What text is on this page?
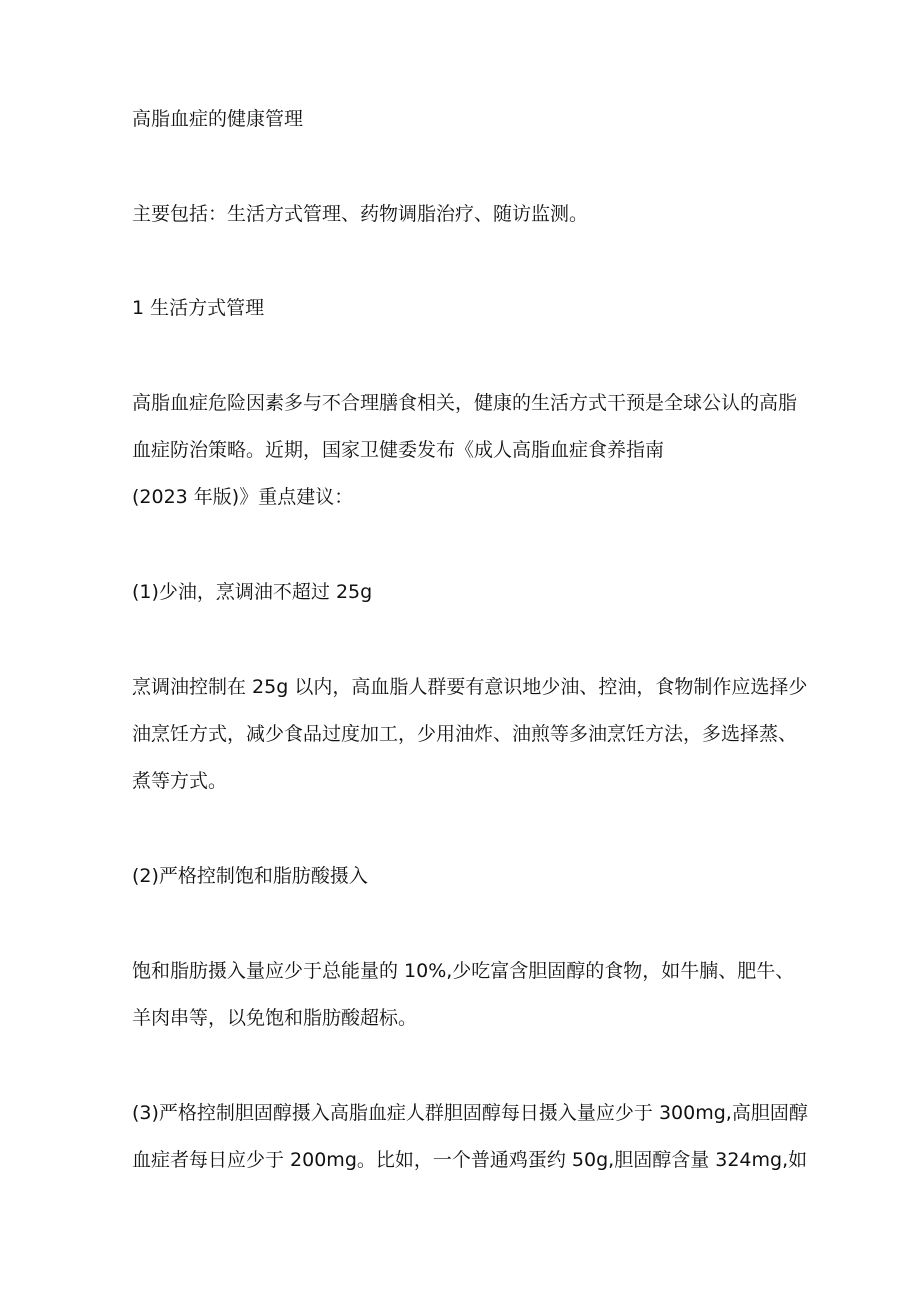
高脂血症的健康管理
主要包括：生活方式管理、药物调脂治疗、随访监测。
1 生活方式管理
高脂血症危险因素多与不合理膳食相关，健康的生活方式干预是全球公认的高脂
血症防治策略。近期，国家卫健委发布《成人高脂血症食养指南
(2023 年版)》重点建议：
(1)少油，烹调油不超过 25g
烹调油控制在 25g 以内，高血脂人群要有意识地少油、控油，食物制作应选择少
油烹饪方式，减少食品过度加工，少用油炸、油煎等多油烹饪方法，多选择蒸、
煮等方式。
(2)严格控制饱和脂肪酸摄入
饱和脂肪摄入量应少于总能量的 10%,少吃富含胆固醇的食物，如牛腩、肥牛、
羊肉串等，以免饱和脂肪酸超标。
(3)严格控制胆固醇摄入高脂血症人群胆固醇每日摄入量应少于 300mg,高胆固醇
血症者每日应少于 200mg。比如，一个普通鸡蛋约 50g,胆固醇含量 324mg,如
